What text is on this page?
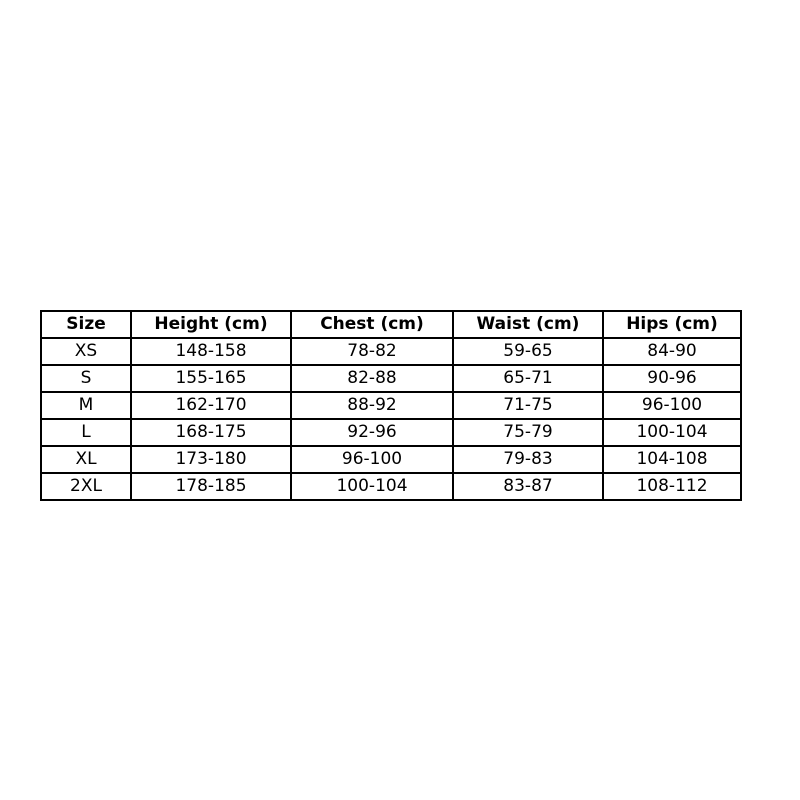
Size	Height (cm)	Chest (cm)	Waist (cm)	Hips (cm)
XS	148-158	78-82	59-65	84-90
S	155-165	82-88	65-71	90-96
M	162-170	88-92	71-75	96-100
L	168-175	92-96	75-79	100-104
XL	173-180	96-100	79-83	104-108
2XL	178-185	100-104	83-87	108-112
